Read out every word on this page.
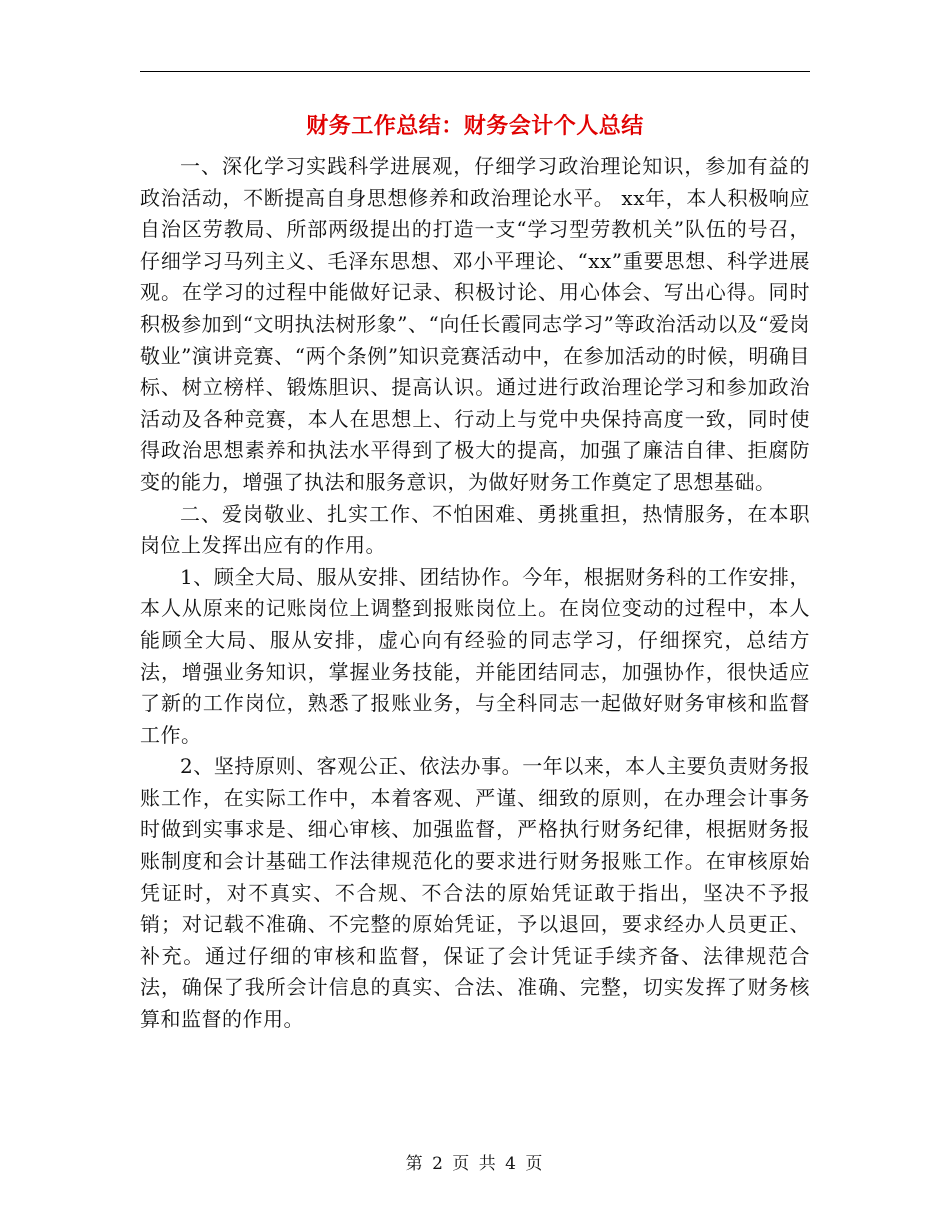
财务工作总结：财务会计个人总结

一、深化学习实践科学进展观，仔细学习政治理论知识，参加有益的政治活动，不断提高自身思想修养和政治理论水平。 xx年，本人积极响应自治区劳教局、所部两级提出的打造一支“学习型劳教机关”队伍的号召，仔细学习马列主义、毛泽东思想、邓小平理论、“xx”重要思想、科学进展观。在学习的过程中能做好记录、积极讨论、用心体会、写出心得。同时积极参加到“文明执法树形象”、“向任长霞同志学习”等政治活动以及“爱岗敬业”演讲竞赛、“两个条例”知识竞赛活动中，在参加活动的时候，明确目标、树立榜样、锻炼胆识、提高认识。通过进行政治理论学习和参加政治活动及各种竞赛，本人在思想上、行动上与党中央保持高度一致，同时使得政治思想素养和执法水平得到了极大的提高，加强了廉洁自律、拒腐防变的能力，增强了执法和服务意识，为做好财务工作奠定了思想基础。

二、爱岗敬业、扎实工作、不怕困难、勇挑重担，热情服务，在本职岗位上发挥出应有的作用。

1、顾全大局、服从安排、团结协作。今年，根据财务科的工作安排，本人从原来的记账岗位上调整到报账岗位上。在岗位变动的过程中，本人能顾全大局、服从安排，虚心向有经验的同志学习，仔细探究，总结方法，增强业务知识，掌握业务技能，并能团结同志，加强协作，很快适应了新的工作岗位，熟悉了报账业务，与全科同志一起做好财务审核和监督工作。

2、坚持原则、客观公正、依法办事。一年以来，本人主要负责财务报账工作，在实际工作中，本着客观、严谨、细致的原则，在办理会计事务时做到实事求是、细心审核、加强监督，严格执行财务纪律，根据财务报账制度和会计基础工作法律规范化的要求进行财务报账工作。在审核原始凭证时，对不真实、不合规、不合法的原始凭证敢于指出，坚决不予报销；对记载不准确、不完整的原始凭证，予以退回，要求经办人员更正、补充。通过仔细的审核和监督，保证了会计凭证手续齐备、法律规范合法，确保了我所会计信息的真实、合法、准确、完整，切实发挥了财务核算和监督的作用。

第 2 页 共 4 页
